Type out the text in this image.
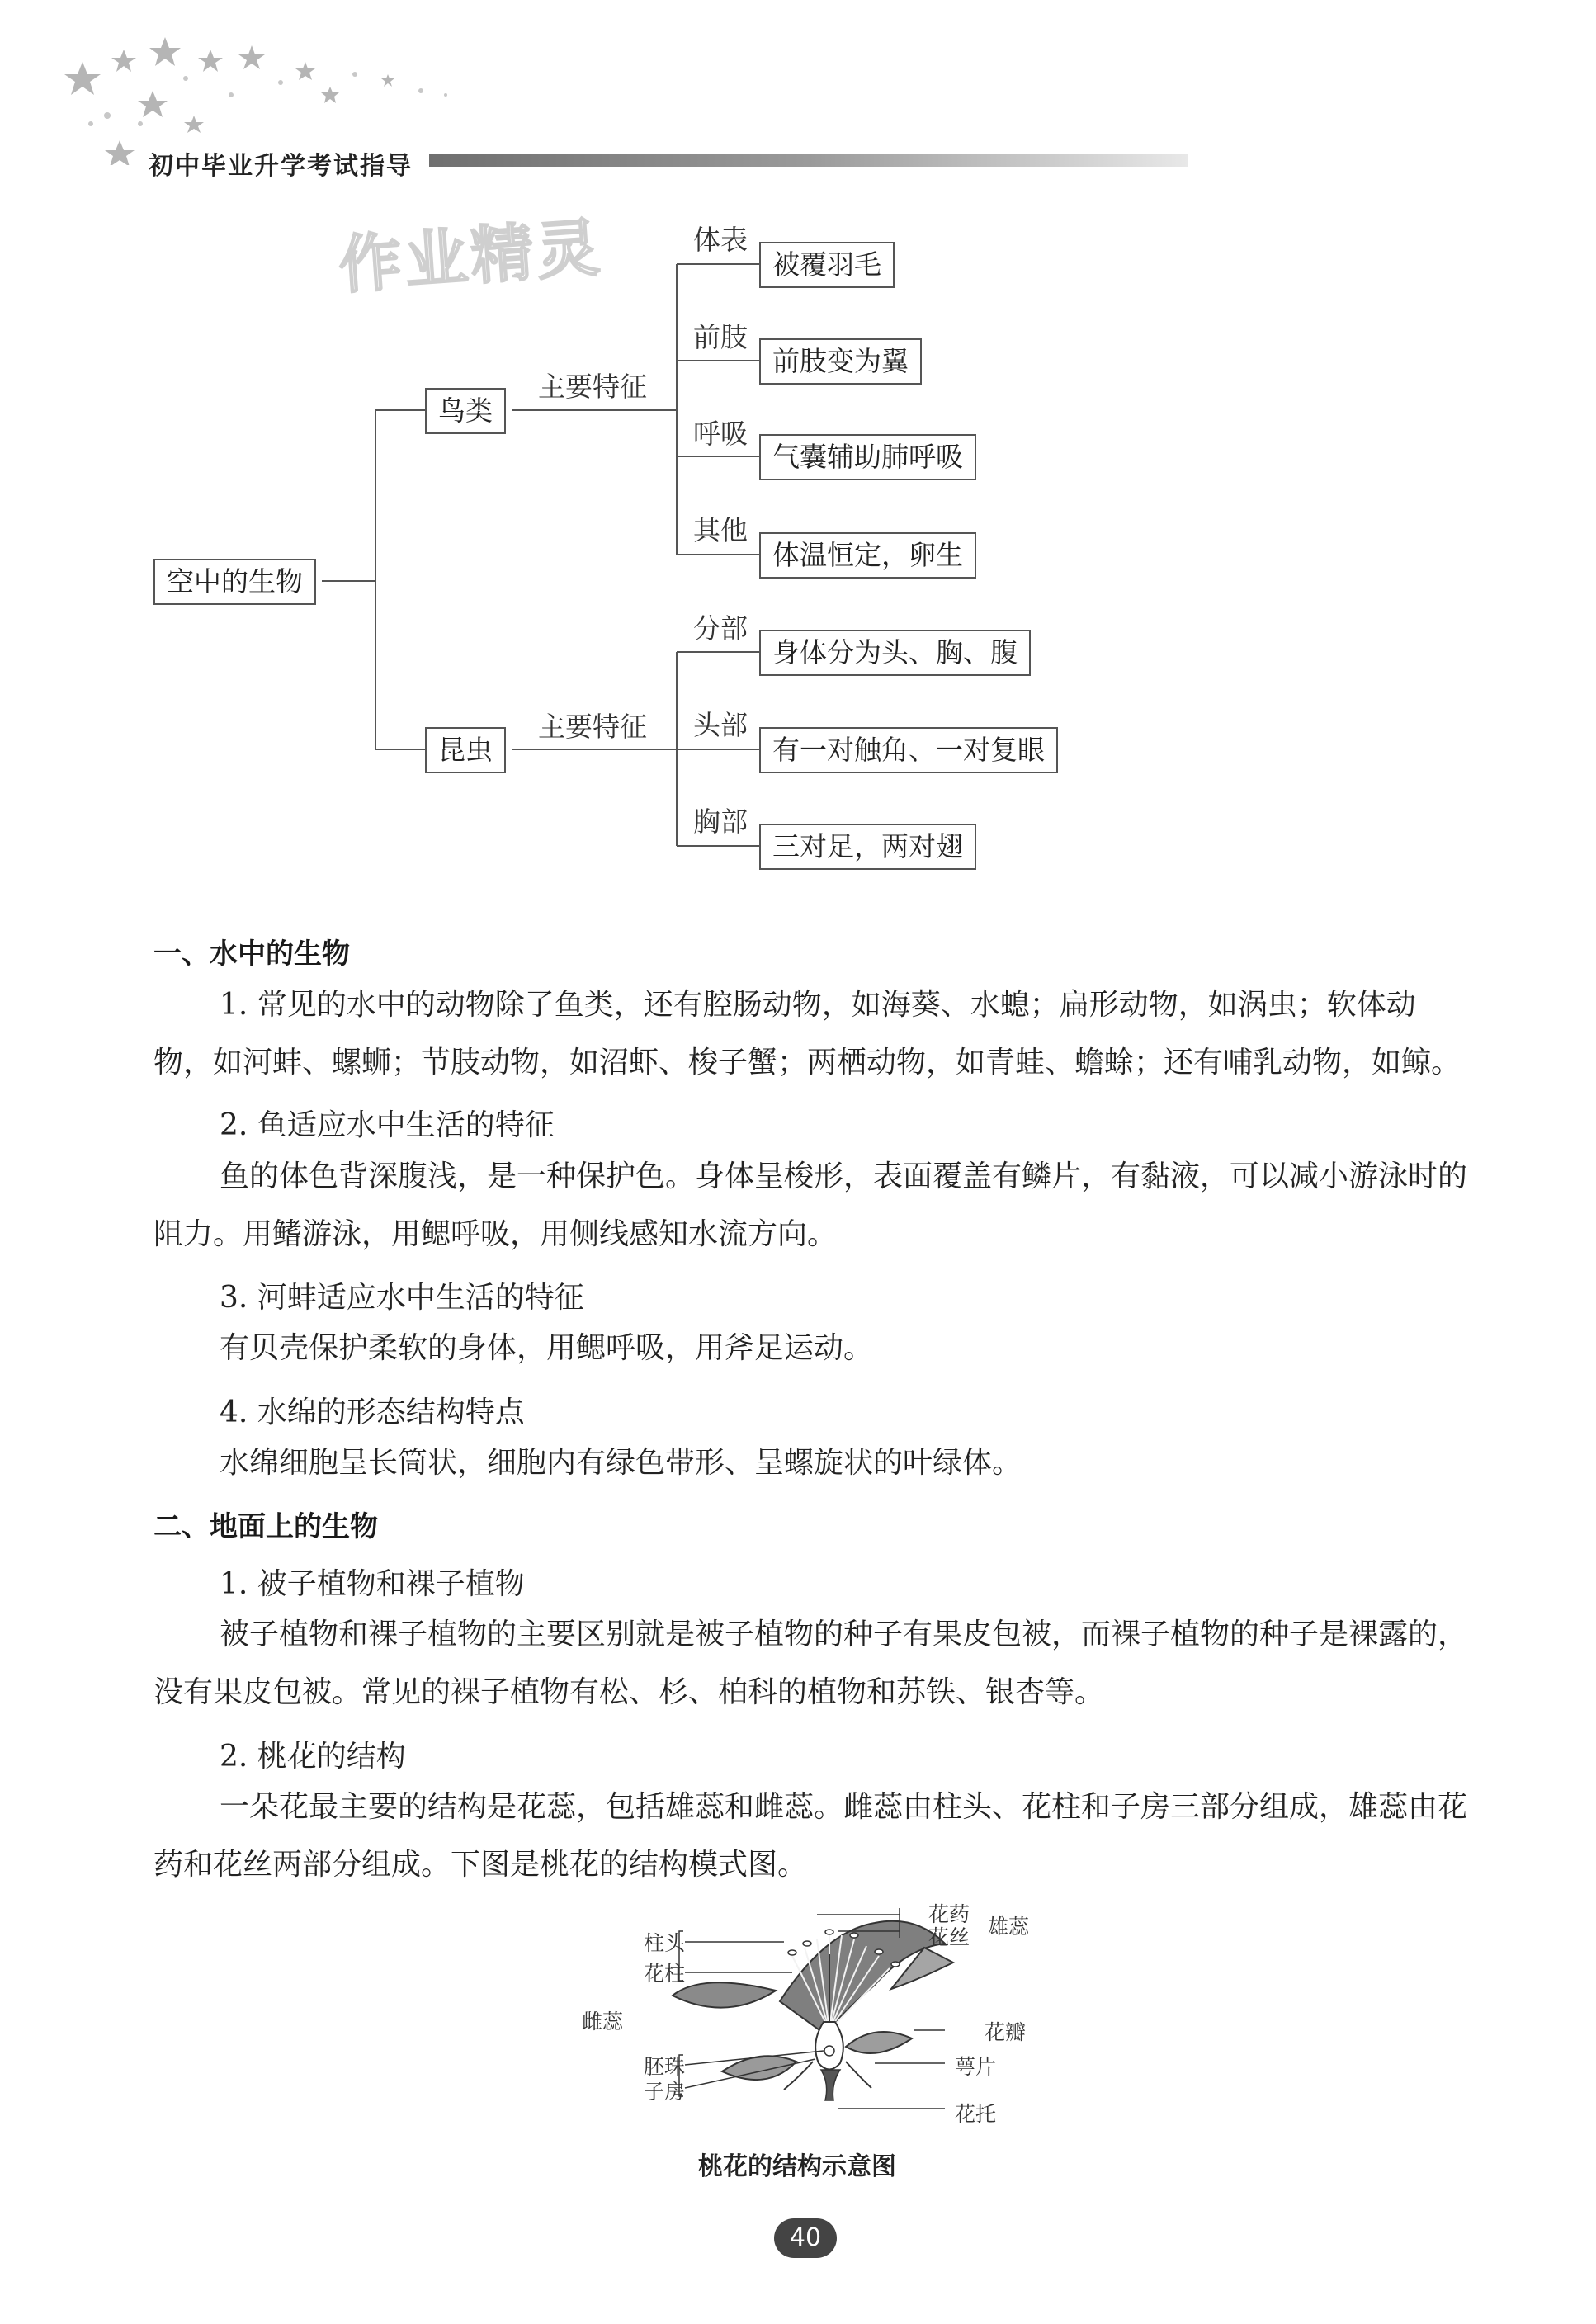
初中毕业升学考试指导
作业精灵
空中的生物
鸟类
主要特征
体表
被覆羽毛
前肢
前肢变为翼
呼吸
气囊辅助肺呼吸
其他
体温恒定，卵生
昆虫
主要特征
分部
身体分为头、胸、腹
头部
有一对触角、一对复眼
胸部
三对足，两对翅
一、水中的生物
1. 常见的水中的动物除了鱼类，还有腔肠动物，如海葵、水螅；扁形动物，如涡虫；软体动物，如河蚌、螺蛳；节肢动物，如沼虾、梭子蟹；两栖动物，如青蛙、蟾蜍；还有哺乳动物，如鲸。
2. 鱼适应水中生活的特征
鱼的体色背深腹浅，是一种保护色。身体呈梭形，表面覆盖有鳞片，有黏液，可以减小游泳时的阻力。用鳍游泳，用鳃呼吸，用侧线感知水流方向。
3. 河蚌适应水中生活的特征
有贝壳保护柔软的身体，用鳃呼吸，用斧足运动。
4. 水绵的形态结构特点
水绵细胞呈长筒状，细胞内有绿色带形、呈螺旋状的叶绿体。
二、地面上的生物
1. 被子植物和裸子植物
被子植物和裸子植物的主要区别就是被子植物的种子有果皮包被，而裸子植物的种子是裸露的，没有果皮包被。常见的裸子植物有松、杉、柏科的植物和苏铁、银杏等。
2. 桃花的结构
一朵花最主要的结构是花蕊，包括雄蕊和雌蕊。雌蕊由柱头、花柱和子房三部分组成，雄蕊由花药和花丝两部分组成。下图是桃花的结构模式图。
柱头
花柱
雌蕊
胚珠
子房
花药
花丝 雄蕊
花瓣
萼片
花托
桃花的结构示意图
40
